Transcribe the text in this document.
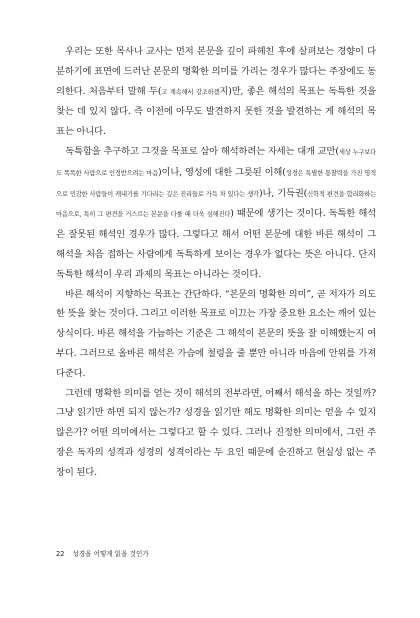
우리는 또한 목사나 교사는 먼저 본문을 깊이 파헤친 후에 살펴보는 경향이 다분하기에 표면에 드러난 본문의 명확한 의미를 가리는 경우가 많다는 주장에도 동의한다. 처음부터 말해 두(고 계속해서 강조하겠지)만, 좋은 해석의 목표는 독특한 것을 찾는 데 있지 않다. 즉 이전에 아무도 발견하지 못한 것을 발견하는 게 해석의 목표는 아니다.

독특함을 추구하고 그것을 목표로 삼아 해석하려는 자세는 대개 교만(세상 누구보다도 똑똑한 사람으로 인정받으려는 마음)이나, 영성에 대한 그릇된 이해(성경은 특별한 통찰력을 가진 영적으로 민감한 사람들이 캐내기를 기다리는 깊은 진리들로 가득 차 있다는 생각)나, 기득권(신학적 편견을 합리화하는 마음으로, 특히 그 편견을 거스르는 본문을 다룰 때 더욱 심해진다) 때문에 생기는 것이다. 독특한 해석은 잘못된 해석인 경우가 많다. 그렇다고 해서 어떤 본문에 대한 바른 해석이 그 해석을 처음 접하는 사람에게 독특하게 보이는 경우가 없다는 뜻은 아니다. 단지 독특한 해석이 우리 과제의 목표는 아니라는 것이다.

바른 해석이 지향하는 목표는 간단하다. “본문의 명확한 의미”, 곧 저자가 의도한 뜻을 찾는 것이다. 그리고 이러한 목표로 이끄는 가장 중요한 요소는 깨어 있는 상식이다. 바른 해석을 가늠하는 기준은 그 해석이 본문의 뜻을 잘 이해했는지 여부다. 그러므로 올바른 해석은 가슴에 철렁을 줄 뿐만 아니라 마음에 안위를 가져다준다.

그런데 명확한 의미를 얻는 것이 해석의 전부라면, 어째서 해석을 하는 것일까? 그냥 읽기만 하면 되지 않는가? 성경을 읽기만 해도 명확한 의미는 얻을 수 있지 않은가? 어떤 의미에서는 그렇다고 할 수 있다. 그러나 진정한 의미에서, 그런 주장은 독자의 성격과 성경의 성격이라는 두 요인 때문에 순진하고 현실성 없는 주장이 된다.

22 성경을 어떻게 읽을 것인가
